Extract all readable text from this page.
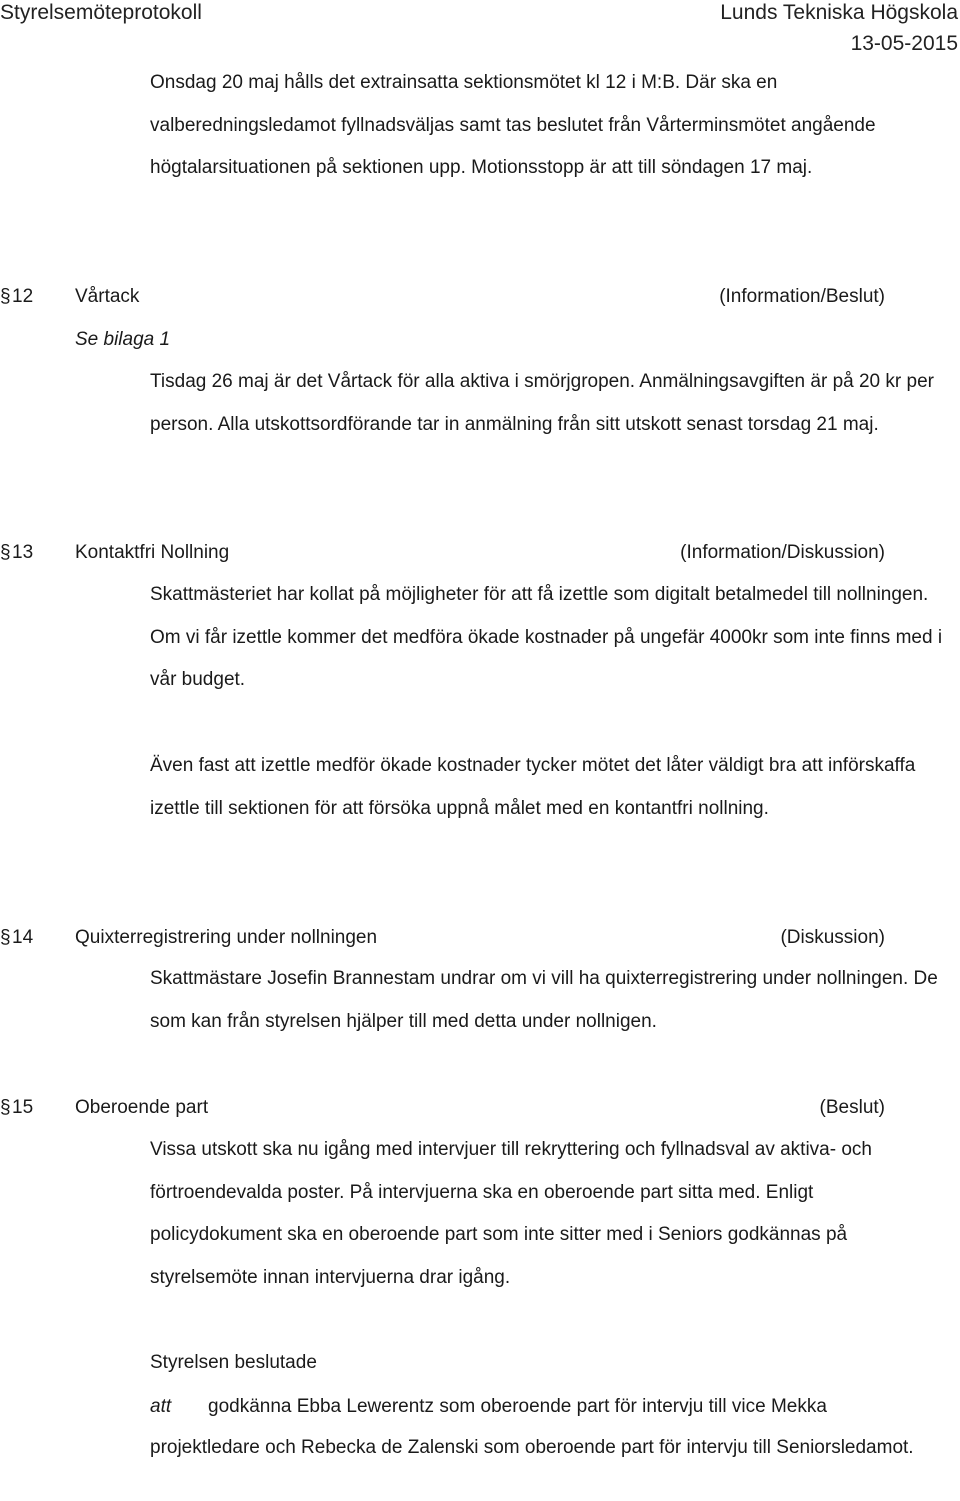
Styrelsemöteprotokoll	Lunds Tekniska Högskola
13-05-2015

Onsdag 20 maj hålls det extrainsatta sektionsmötet kl 12 i M:B. Där ska en valberedningsledamot fyllnadsväljas samt tas beslutet från Vårterminsmötet angående högtalarsituationen på sektionen upp. Motionsstopp är att till söndagen 17 maj.

§ 12 Vårtack	(Information/Beslut)
Se bilaga 1

Tisdag 26 maj är det Vårtack för alla aktiva i smörjgropen. Anmälningsavgiften är på 20 kr per person. Alla utskottsordförande tar in anmälning från sitt utskott senast torsdag 21 maj.

§ 13 Kontaktfri Nollning	(Information/Diskussion)

Skattmästeriet har kollat på möjligheter för att få izettle som digitalt betalmedel till nollningen. Om vi får izettle kommer det medföra ökade kostnader på ungefär 4000kr som inte finns med i vår budget.

Även fast att izettle medför ökade kostnader tycker mötet det låter väldigt bra att införskaffa izettle till sektionen för att försöka uppnå målet med en kontantfri nollning.

§ 14 Quixterregistrering under nollningen	(Diskussion)

Skattmästare Josefin Brannestam undrar om vi vill ha quixterregistrering under nollningen. De som kan från styrelsen hjälper till med detta under nollnigen.

§ 15 Oberoende part	(Beslut)

Vissa utskott ska nu igång med intervjuer till rekryttering och fyllnadsval av aktiva- och förtroendevalda poster. På intervjuerna ska en oberoende part sitta med. Enligt policydokument ska en oberoende part som inte sitter med i Seniors godkännas på styrelsemöte innan intervjuerna drar igång.

Styrelsen beslutade

att godkänna Ebba Lewerentz som oberoende part för intervju till vice Mekka

projektledare och Rebecka de Zalenski som oberoende part för intervju till Seniorsledamot.
